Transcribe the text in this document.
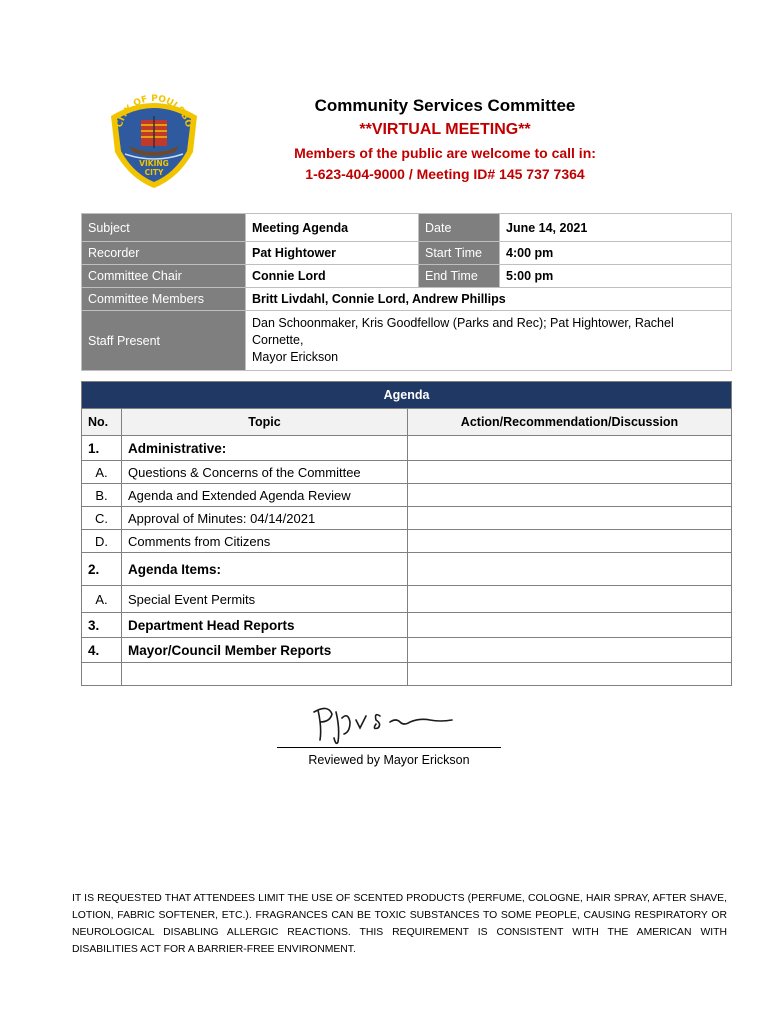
CITY OF POULSBO
VIKING
CITY
Community Services Committee
**VIRTUAL MEETING**
Members of the public are welcome to call in:
1-623-404-9000 / Meeting ID# 145 737 7364
Subject	Meeting Agenda	Date	June 14, 2021
Recorder	Pat Hightower	Start Time	4:00 pm
Committee Chair	Connie Lord	End Time	5:00 pm
Committee Members	Britt Livdahl, Connie Lord, Andrew Phillips		
Staff Present	Dan Schoonmaker, Kris Goodfellow (Parks and Rec); Pat Hightower, Rachel Cornette,
Mayor Erickson		
Agenda		
No.	Topic	Action/Recommendation/Discussion
1.	Administrative:	
A.	Questions & Concerns of the Committee	
B.	Agenda and Extended Agenda Review	
C.	Approval of Minutes: 04/14/2021	
D.	Comments from Citizens	
2.	Agenda Items:	
A.	Special Event Permits	
3.	Department Head Reports	
4.	Mayor/Council Member Reports	

Reviewed by Mayor Erickson
IT IS REQUESTED THAT ATTENDEES LIMIT THE USE OF SCENTED PRODUCTS (PERFUME, COLOGNE, HAIR SPRAY, AFTER SHAVE, LOTION, FABRIC SOFTENER, ETC.). FRAGRANCES CAN BE TOXIC SUBSTANCES TO SOME PEOPLE, CAUSING RESPIRATORY OR NEUROLOGICAL DISABLING ALLERGIC REACTIONS. THIS REQUIREMENT IS CONSISTENT WITH THE AMERICAN WITH DISABILITIES ACT FOR A BARRIER-FREE ENVIRONMENT.
